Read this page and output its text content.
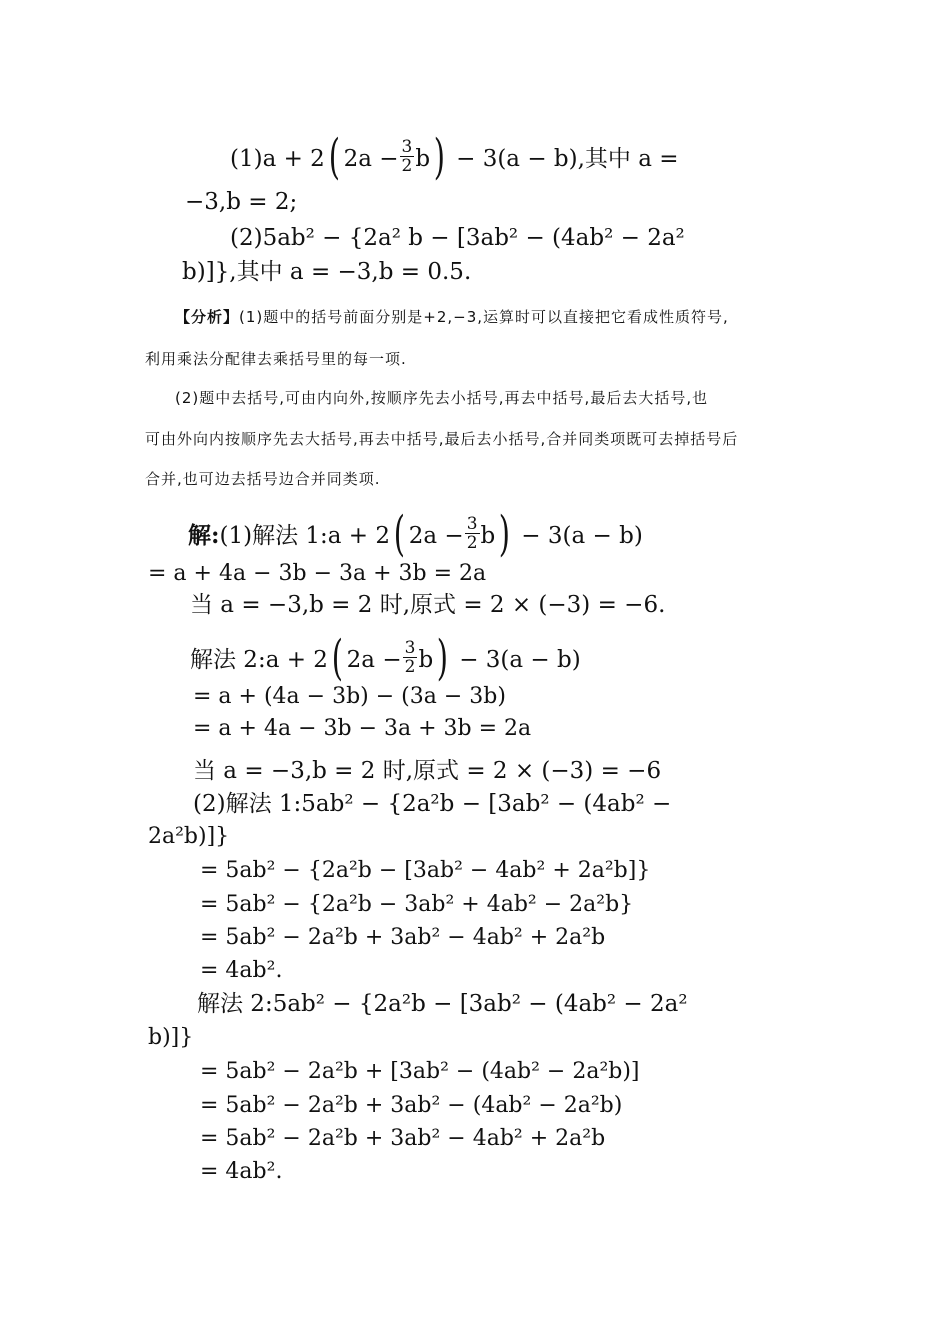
(1)a + 2( $2a - \frac{3}{2} b) - 3(a - b)$,其中 a =
−3,b = 2;
(2)5ab² − {2a² b − [3ab² − (4ab² − 2a²
b)]},其中 a = −3,b = 0.5.
【分析】(1)题中的括号前面分别是+2,−3,运算时可以直接把它看成性质符号,
利用乘法分配律去乘括号里的每一项.
(2)题中去括号,可由内向外,按顺序先去小括号,再去中括号,最后去大括号,也
可由外向内按顺序先去大括号,再去中括号,最后去小括号,合并同类项既可去掉括号后
合并,也可边去括号边合并同类项.
解:(1)解法 1:a + 2( $2a - \frac{3}{2} b) - 3(a - b)$
= a + 4a − 3b − 3a + 3b = 2a
当 a = −3,b = 2 时,原式 = 2 × (−3) = −6.
解法 2:a + 2( $2a - \frac{3}{2} b) - 3(a - b)$
= a + (4a − 3b) − (3a − 3b)
= a + 4a − 3b − 3a + 3b = 2a
当 a = −3,b = 2 时,原式 = 2 × (−3) = −6
(2)解法 1:5ab² − {2a²b − [3ab² − (4ab² −
2a²b)]}
= 5ab² − {2a²b − [3ab² − 4ab² + 2a²b]}
= 5ab² − {2a²b − 3ab² + 4ab² − 2a²b}
= 5ab² − 2a²b + 3ab² − 4ab² + 2a²b
= 4ab².
解法 2:5ab² − {2a²b − [3ab² − (4ab² − 2a²
b)]}
= 5ab² − 2a²b + [3ab² − (4ab² − 2a²b)]
= 5ab² − 2a²b + 3ab² − (4ab² − 2a²b)
= 5ab² − 2a²b + 3ab² − 4ab² + 2a²b
= 4ab².
